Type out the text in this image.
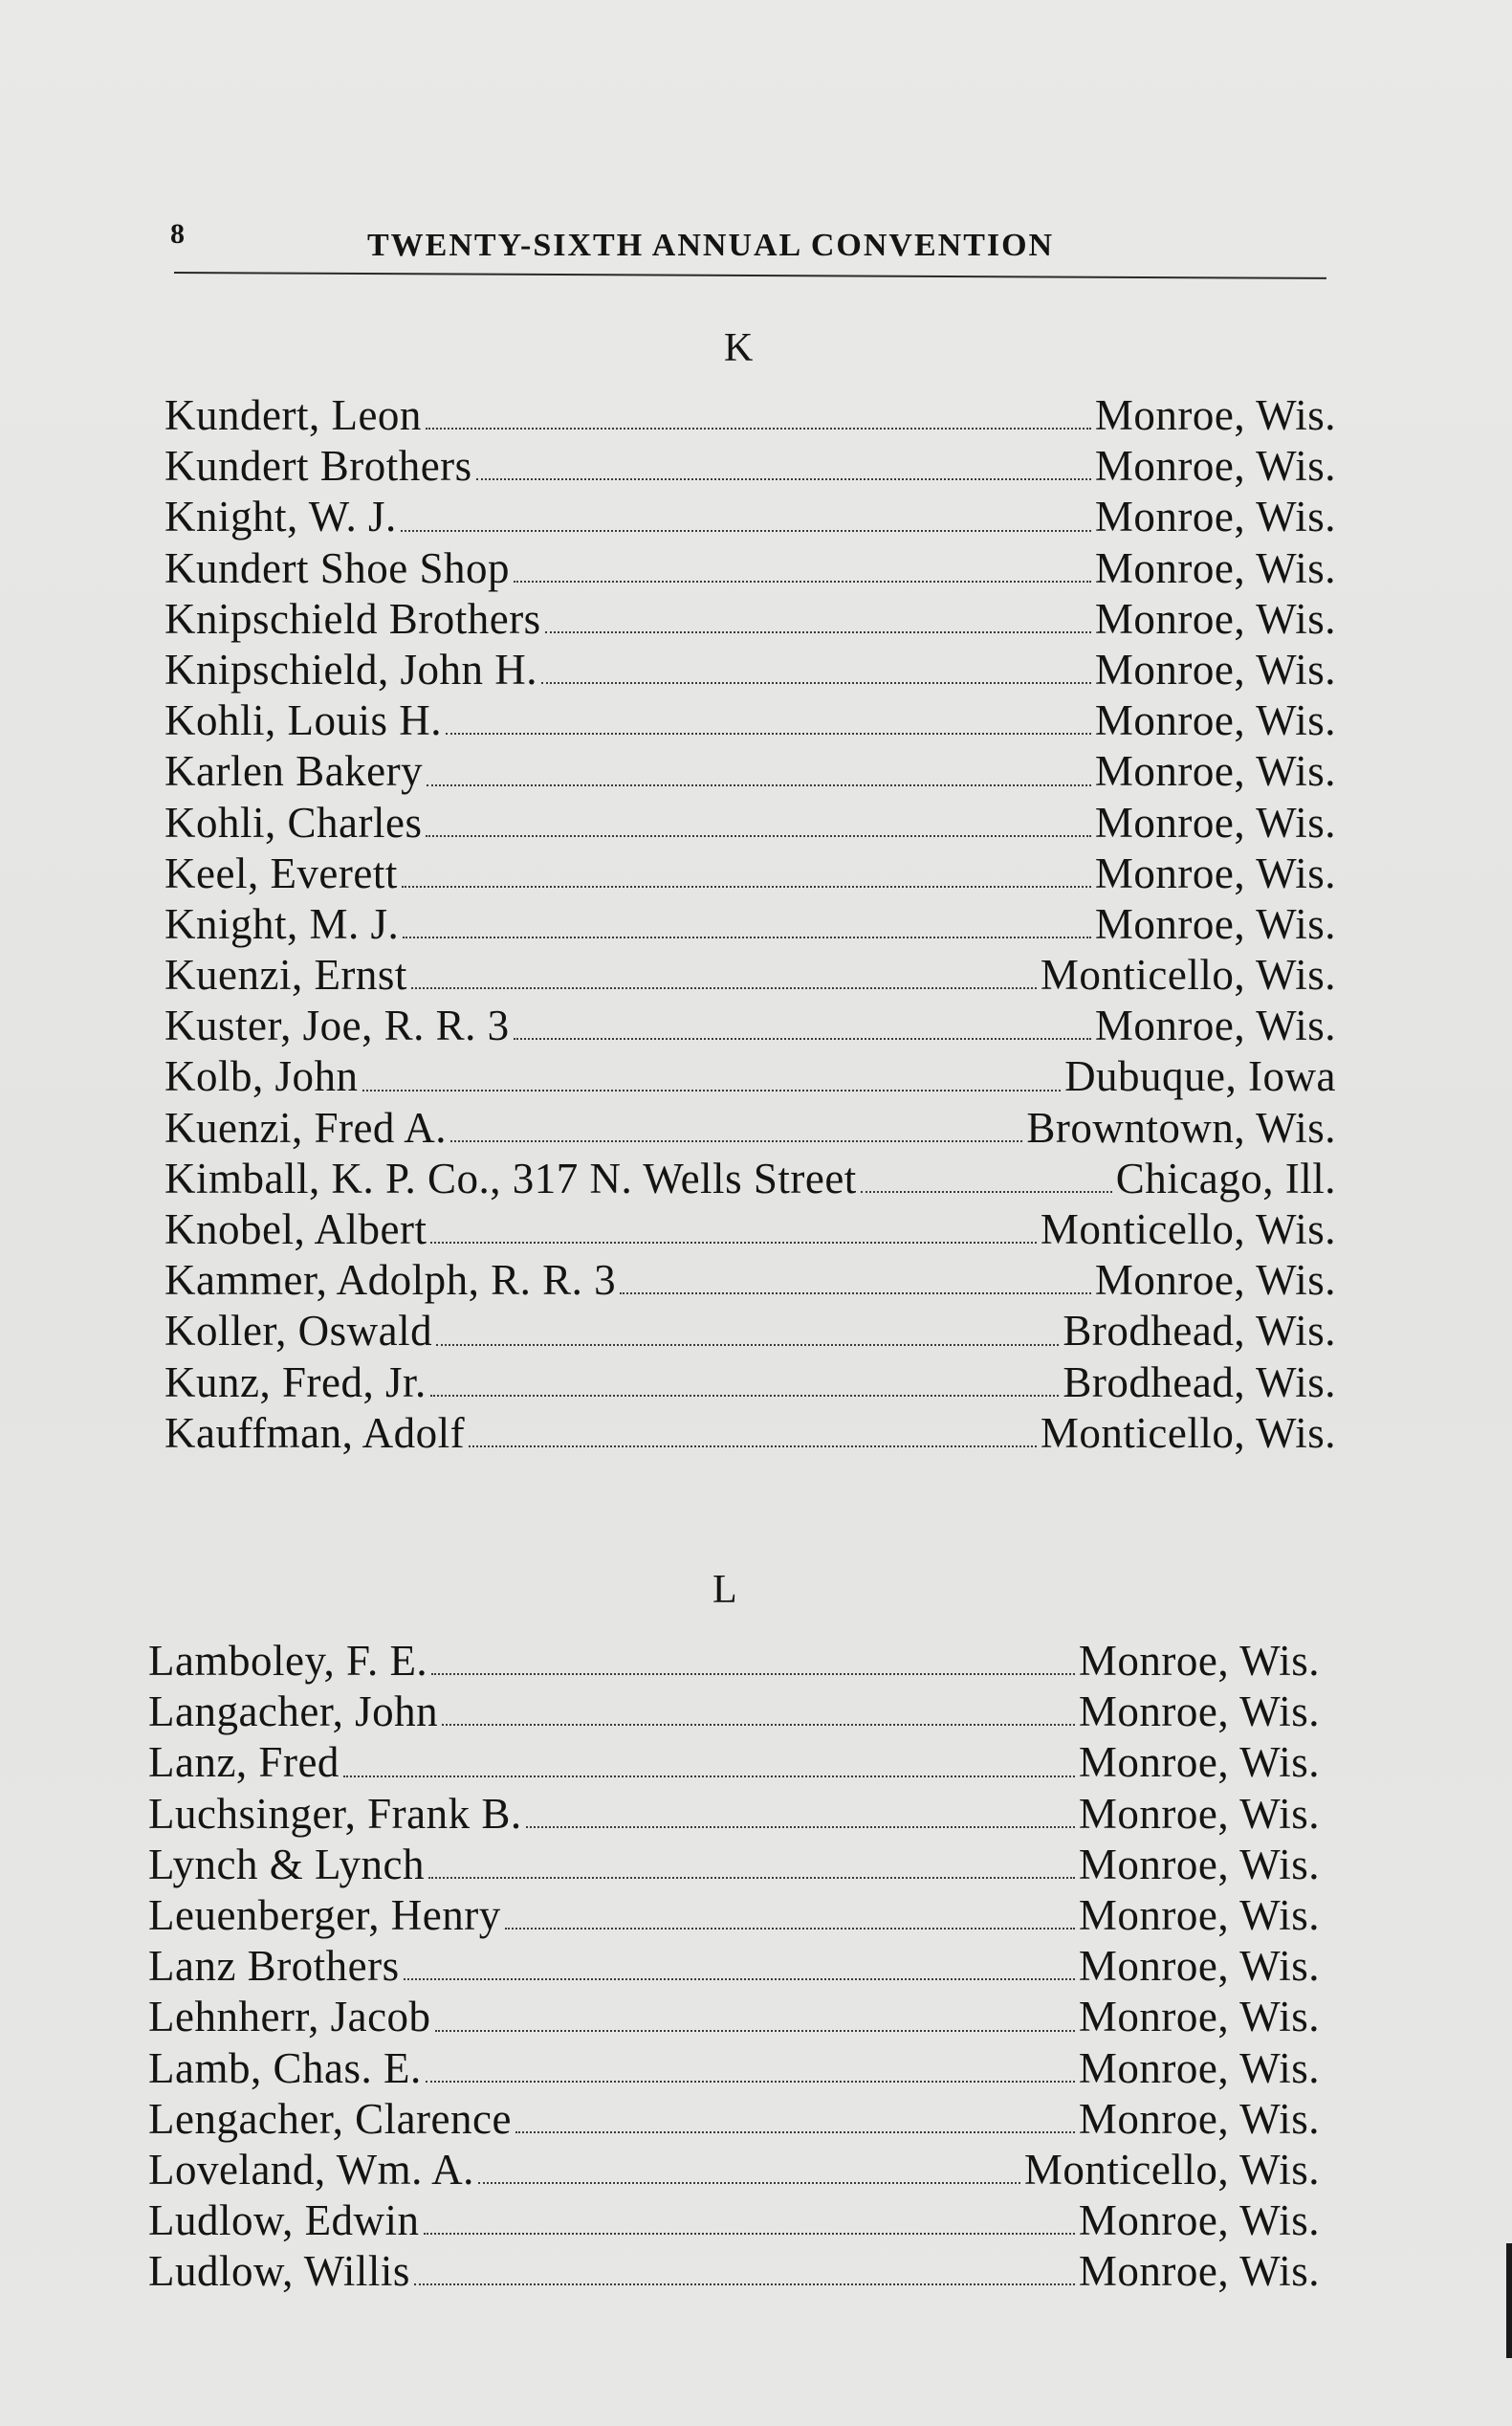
8	TWENTY-SIXTH ANNUAL CONVENTION
K
Kundert, Leon	Monroe, Wis.
Kundert Brothers	Monroe, Wis.
Knight, W. J.	Monroe, Wis.
Kundert Shoe Shop	Monroe, Wis.
Knipschield Brothers	Monroe, Wis.
Knipschield, John H.	Monroe, Wis.
Kohli, Louis H.	Monroe, Wis.
Karlen Bakery	Monroe, Wis.
Kohli, Charles	Monroe, Wis.
Keel, Everett	Monroe, Wis.
Knight, M. J.	Monroe, Wis.
Kuenzi, Ernst	Monticello, Wis.
Kuster, Joe, R. R. 3	Monroe, Wis.
Kolb, John	Dubuque, Iowa
Kuenzi, Fred A.	Browntown, Wis.
Kimball, K. P. Co., 317 N. Wells Street	Chicago, Ill.
Knobel, Albert	Monticello, Wis.
Kammer, Adolph, R. R. 3	Monroe, Wis.
Koller, Oswald	Brodhead, Wis.
Kunz, Fred, Jr.	Brodhead, Wis.
Kauffman, Adolf	Monticello, Wis.
L
Lamboley, F. E.	Monroe, Wis.
Langacher, John	Monroe, Wis.
Lanz, Fred	Monroe, Wis.
Luchsinger, Frank B.	Monroe, Wis.
Lynch & Lynch	Monroe, Wis.
Leuenberger, Henry	Monroe, Wis.
Lanz Brothers	Monroe, Wis.
Lehnherr, Jacob	Monroe, Wis.
Lamb, Chas. E.	Monroe, Wis.
Lengacher, Clarence	Monroe, Wis.
Loveland, Wm. A.	Monticello, Wis.
Ludlow, Edwin	Monroe, Wis.
Ludlow, Willis	Monroe, Wis.
